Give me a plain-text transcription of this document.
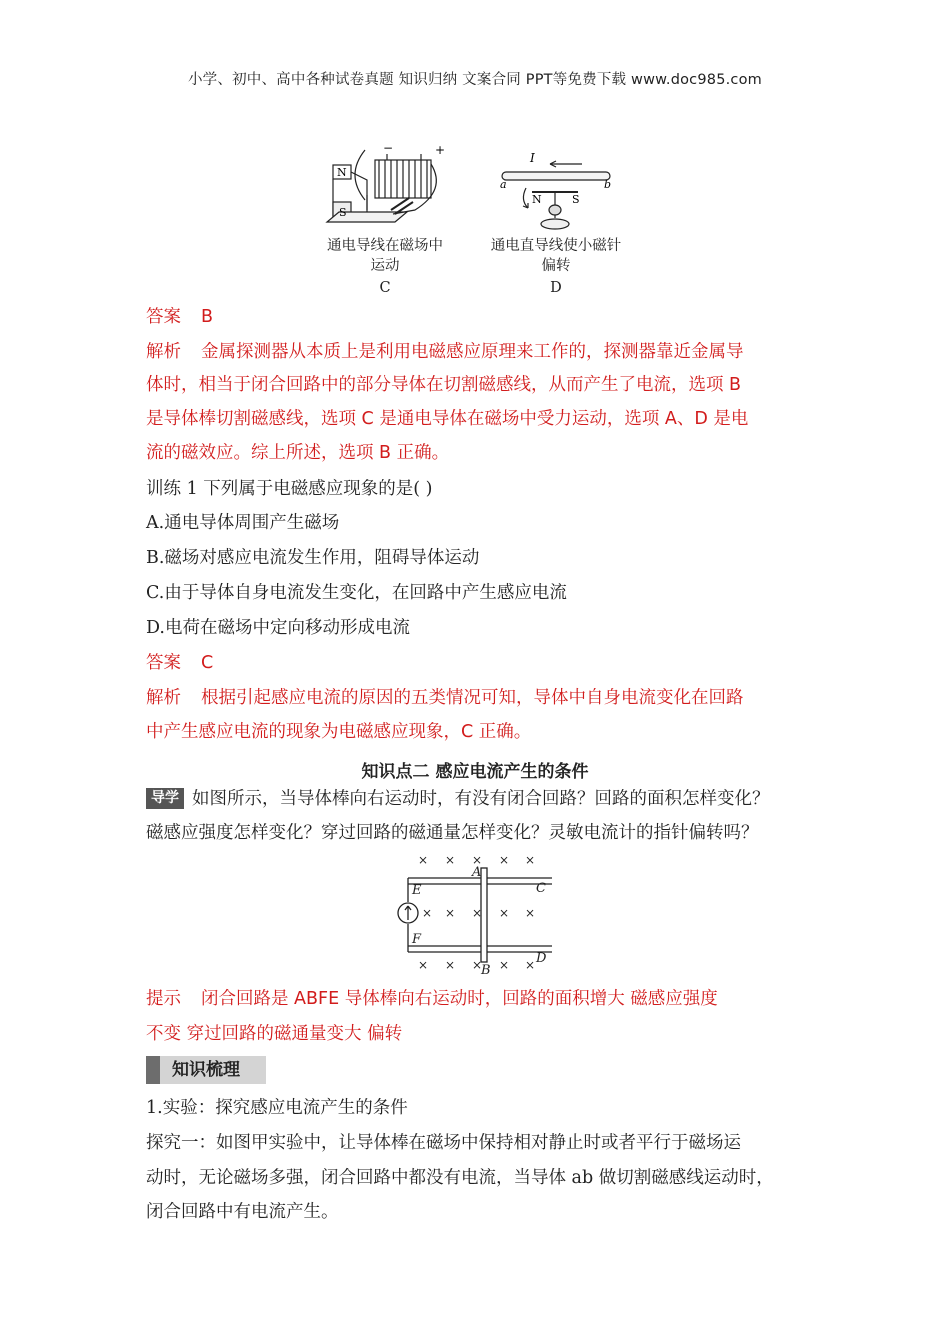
小学、初中、高中各种试卷真题 知识归纳 文案合同 PPT等免费下载 www.doc985.com
N
S
−	+
通电导线在磁场中
运动
C
I
a	b
N	S
通电直导线使小磁针
偏转
D
答案 B
解析 金属探测器从本质上是利用电磁感应原理来工作的，探测器靠近金属导
体时，相当于闭合回路中的部分导体在切割磁感线，从而产生了电流，选项 B
是导体棒切割磁感线，选项 C 是通电导体在磁场中受力运动，选项 A、D 是电
流的磁效应。综上所述，选项 B 正确。
训练 1 下列属于电磁感应现象的是( )
A.通电导体周围产生磁场
B.磁场对感应电流发生作用，阻碍导体运动
C.由于导体自身电流发生变化，在回路中产生感应电流
D.电荷在磁场中定向移动形成电流
答案 C
解析 根据引起感应电流的原因的五类情况可知，导体中自身电流变化在回路
中产生感应电流的现象为电磁感应现象，C 正确。
知识点二 感应电流产生的条件
导学 如图所示，当导体棒向右运动时，有没有闭合回路？回路的面积怎样变化？
磁感应强度怎样变化？穿过回路的磁通量怎样变化？灵敏电流计的指针偏转吗？
× × × × ×
× × × × ×
× × × × ×
A
B
C
D
E
F
提示 闭合回路是 ABFE 导体棒向右运动时，回路的面积增大 磁感应强度
不变 穿过回路的磁通量变大 偏转
知识梳理
1.实验：探究感应电流产生的条件
探究一：如图甲实验中，让导体棒在磁场中保持相对静止时或者平行于磁场运
动时，无论磁场多强，闭合回路中都没有电流，当导体 ab 做切割磁感线运动时，
闭合回路中有电流产生。
